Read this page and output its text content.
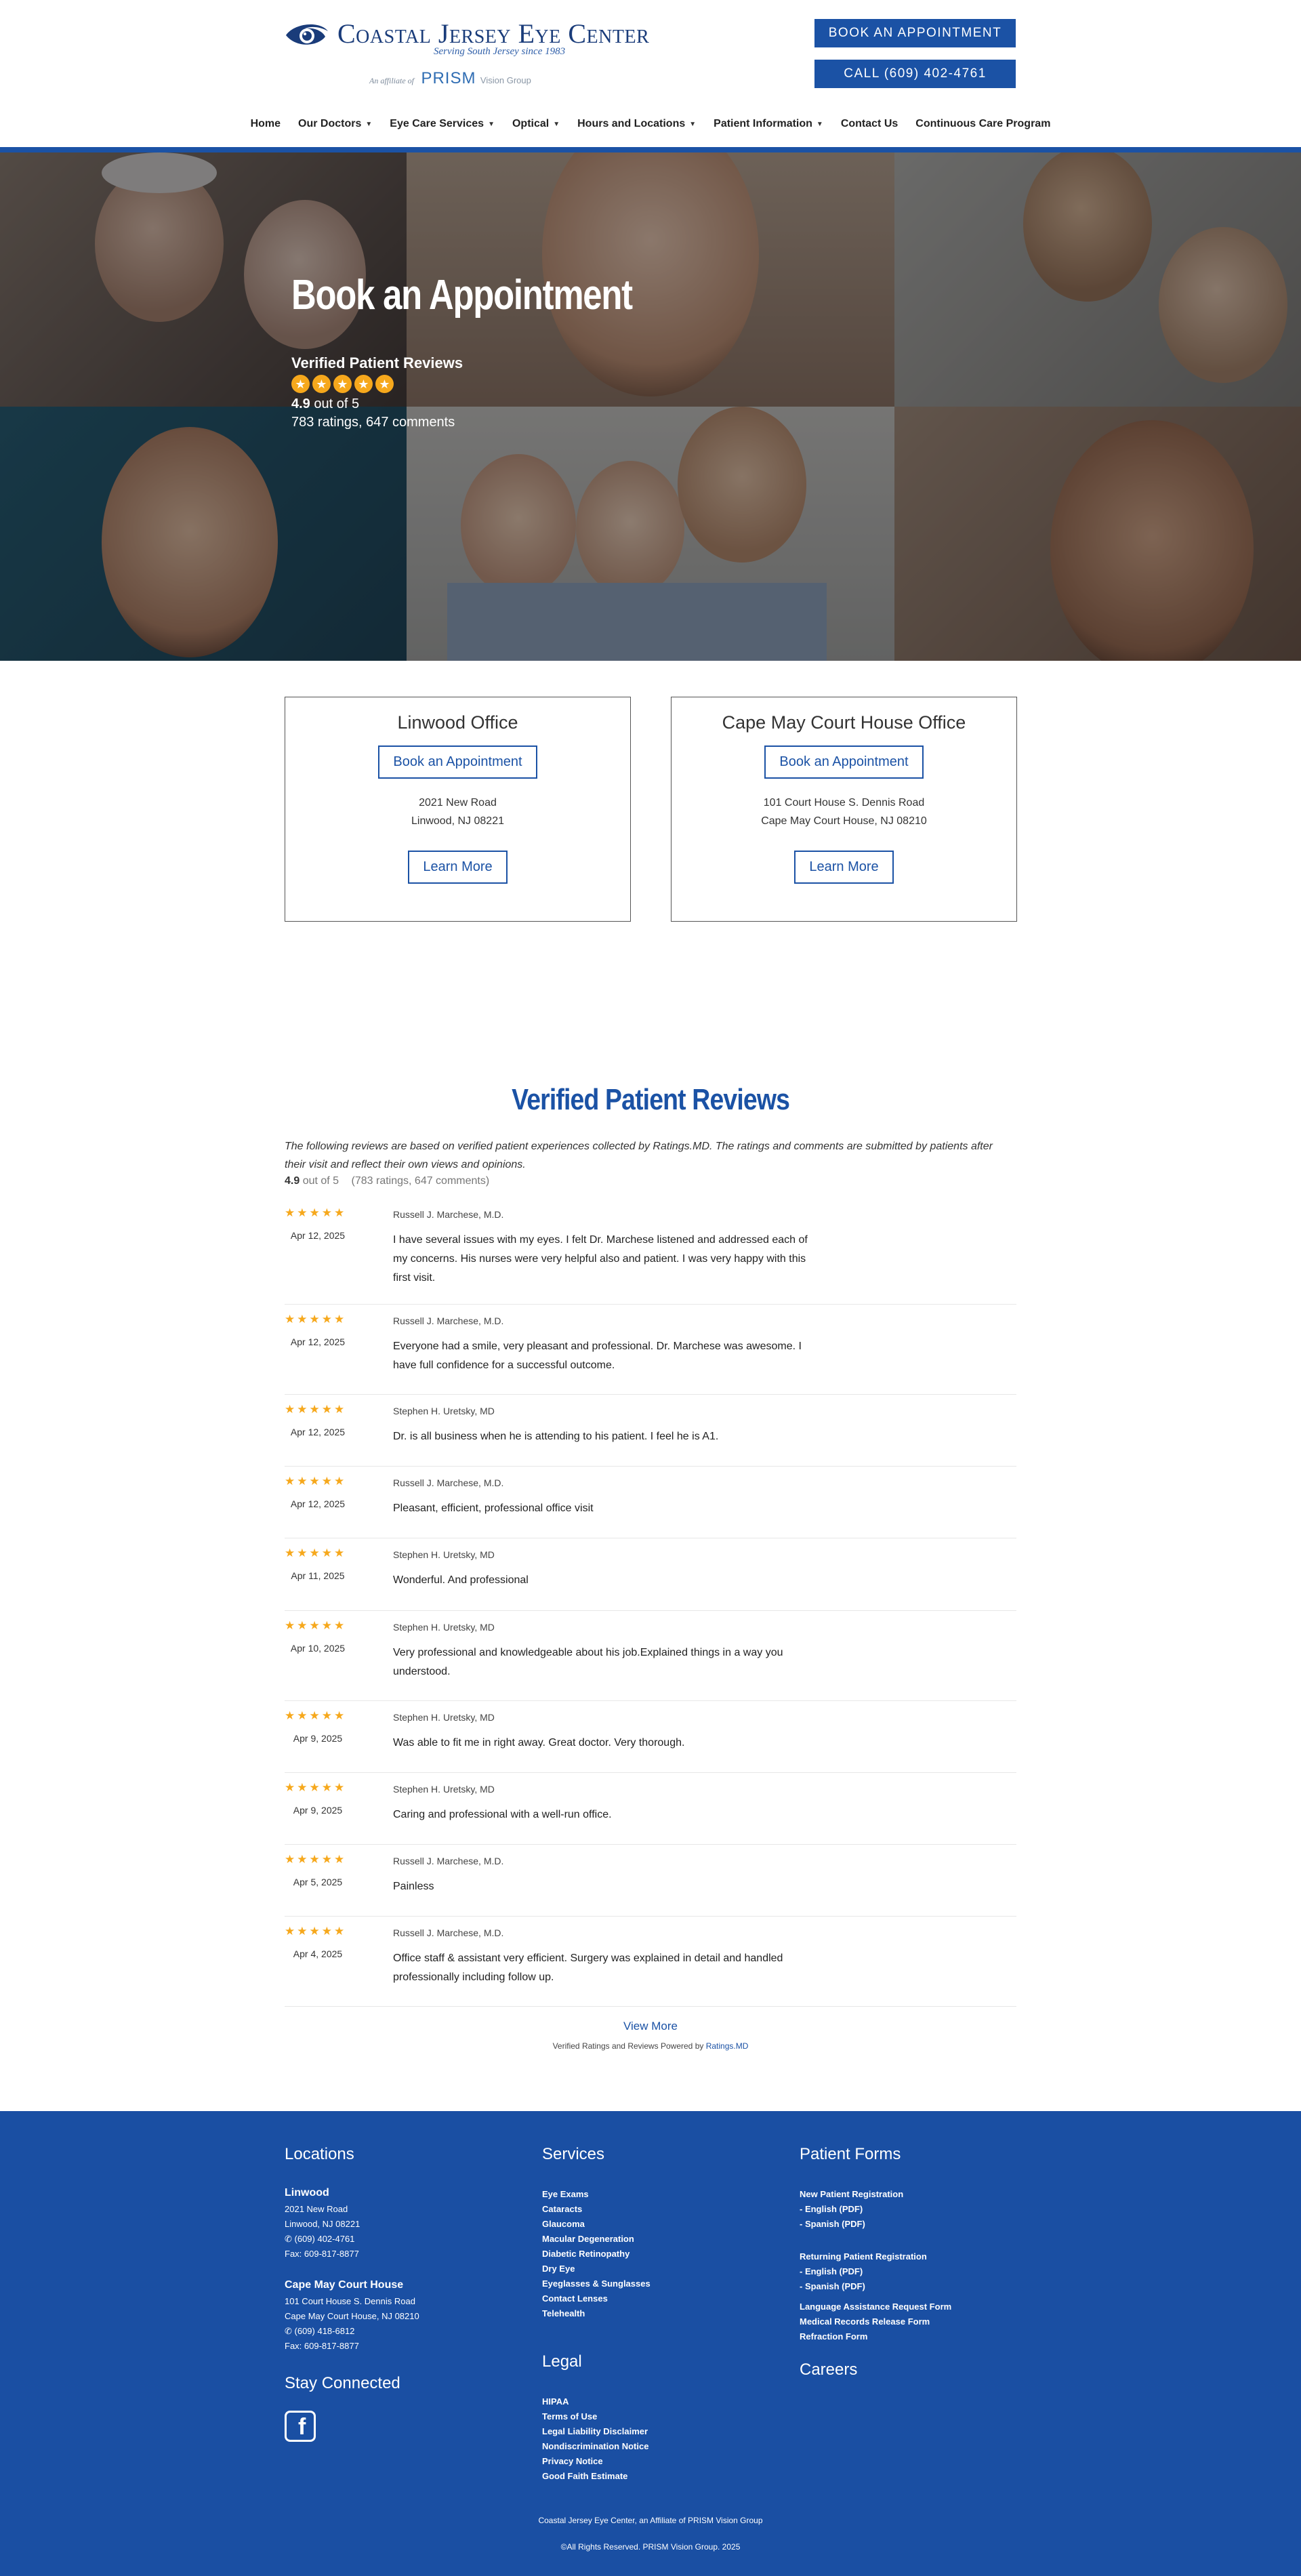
Coastal Jersey Eye Center
Serving South Jersey since 1983
An affiliate of PRISM Vision Group
BOOK AN APPOINTMENT
CALL (609) 402-4761
Home Our Doctors ▼ Eye Care Services ▼ Optical ▼ Hours and Locations ▼ Patient Information ▼ Contact Us Continuous Care Program
Book an Appointment
Verified Patient Reviews
★ ★ ★ ★ ★
4.9 out of 5
783 ratings, 647 comments
Linwood Office
Book an Appointment
2021 New Road
Linwood, NJ 08221
Learn More
Cape May Court House Office
Book an Appointment
101 Court House S. Dennis Road
Cape May Court House, NJ 08210
Learn More
Verified Patient Reviews

The following reviews are based on verified patient experiences collected by Ratings.MD. The ratings and comments are submitted by patients after their visit and reflect their own views and opinions.

4.9 out of 5 (783 ratings, 647 comments)
★ ★ ★ ★ ★
Apr 12, 2025
Russell J. Marchese, M.D.
I have several issues with my eyes. I felt Dr. Marchese listened and addressed each of my concerns. His nurses were very helpful also and patient. I was very happy with this first visit.
★ ★ ★ ★ ★
Apr 12, 2025
Russell J. Marchese, M.D.
Everyone had a smile, very pleasant and professional. Dr. Marchese was awesome. I have full confidence for a successful outcome.
★ ★ ★ ★ ★
Apr 12, 2025
Stephen H. Uretsky, MD
Dr. is all business when he is attending to his patient. I feel he is A1.
★ ★ ★ ★ ★
Apr 12, 2025
Russell J. Marchese, M.D.
Pleasant, efficient, professional office visit
★ ★ ★ ★ ★
Apr 11, 2025
Stephen H. Uretsky, MD
Wonderful. And professional
★ ★ ★ ★ ★
Apr 10, 2025
Stephen H. Uretsky, MD
Very professional and knowledgeable about his job.Explained things in a way you understood.
★ ★ ★ ★ ★
Apr 9, 2025
Stephen H. Uretsky, MD
Was able to fit me in right away. Great doctor. Very thorough.
★ ★ ★ ★ ★
Apr 9, 2025
Stephen H. Uretsky, MD
Caring and professional with a well-run office.
★ ★ ★ ★ ★
Apr 5, 2025
Russell J. Marchese, M.D.
Painless
★ ★ ★ ★ ★
Apr 4, 2025
Russell J. Marchese, M.D.
Office staff & assistant very efficient. Surgery was explained in detail and handled professionally including follow up.
View More
Verified Ratings and Reviews Powered by Ratings.MD
Locations
Linwood
2021 New Road
Linwood, NJ 08221
✆ (609) 402-4761
Fax: 609-817-8877
Cape May Court House
101 Court House S. Dennis Road
Cape May Court House, NJ 08210
✆ (609) 418-6812
Fax: 609-817-8877
Stay Connected
f
Services
Eye Exams
Cataracts
Glaucoma
Macular Degeneration
Diabetic Retinopathy
Dry Eye
Eyeglasses & Sunglasses
Contact Lenses
Telehealth
Legal
HIPAA
Terms of Use
Legal Liability Disclaimer
Nondiscrimination Notice
Privacy Notice
Good Faith Estimate
Patient Forms
New Patient Registration
- English (PDF)
- Spanish (PDF)
Returning Patient Registration
- English (PDF)
- Spanish (PDF)
Language Assistance Request Form
Medical Records Release Form
Refraction Form
Careers
Coastal Jersey Eye Center, an Affiliate of PRISM Vision Group
©All Rights Reserved. PRISM Vision Group. 2025
